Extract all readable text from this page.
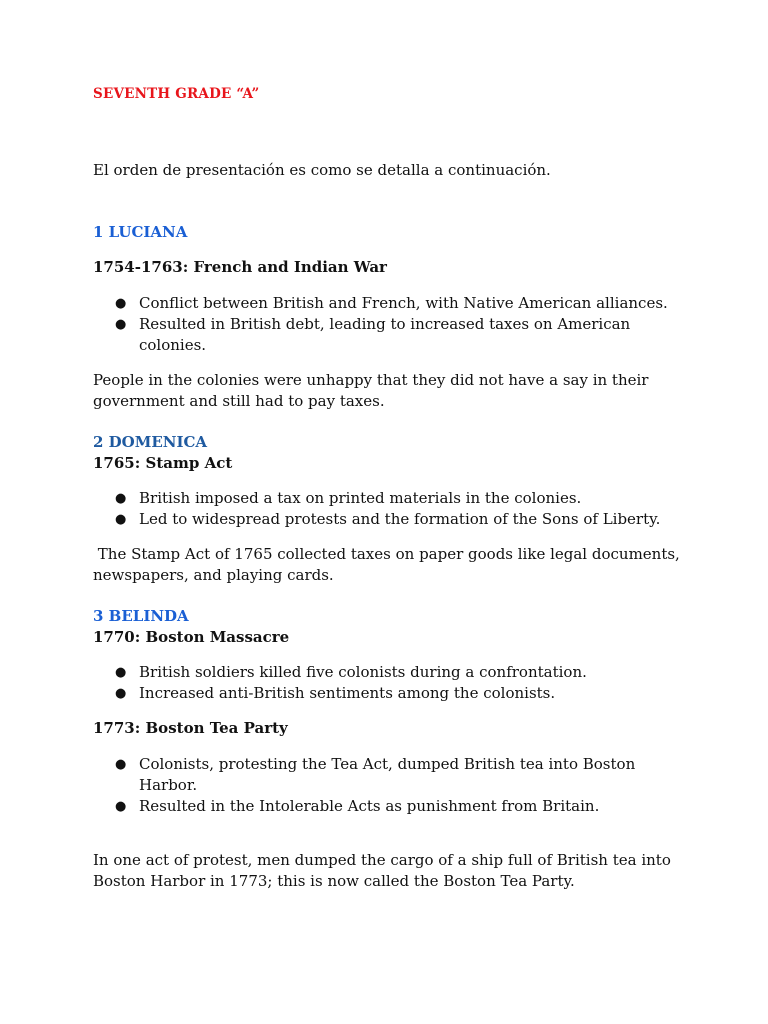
SEVENTH GRADE “A”
El orden de presentación es como se detalla a continuación.
1 LUCIANA
1754-1763: French and Indian War
● Conflict between British and French, with Native American alliances.
● Resulted in British debt, leading to increased taxes on American colonies.
People in the colonies were unhappy that they did not have a say in their government and still had to pay taxes.
2 DOMENICA
1765: Stamp Act
● British imposed a tax on printed materials in the colonies.
● Led to widespread protests and the formation of the Sons of Liberty.
The Stamp Act of 1765 collected taxes on paper goods like legal documents, newspapers, and playing cards.
3 BELINDA
1770: Boston Massacre
● British soldiers killed five colonists during a confrontation.
● Increased anti-British sentiments among the colonists.
1773: Boston Tea Party
● Colonists, protesting the Tea Act, dumped British tea into Boston Harbor.
● Resulted in the Intolerable Acts as punishment from Britain.
In one act of protest, men dumped the cargo of a ship full of British tea into Boston Harbor in 1773; this is now called the Boston Tea Party.
